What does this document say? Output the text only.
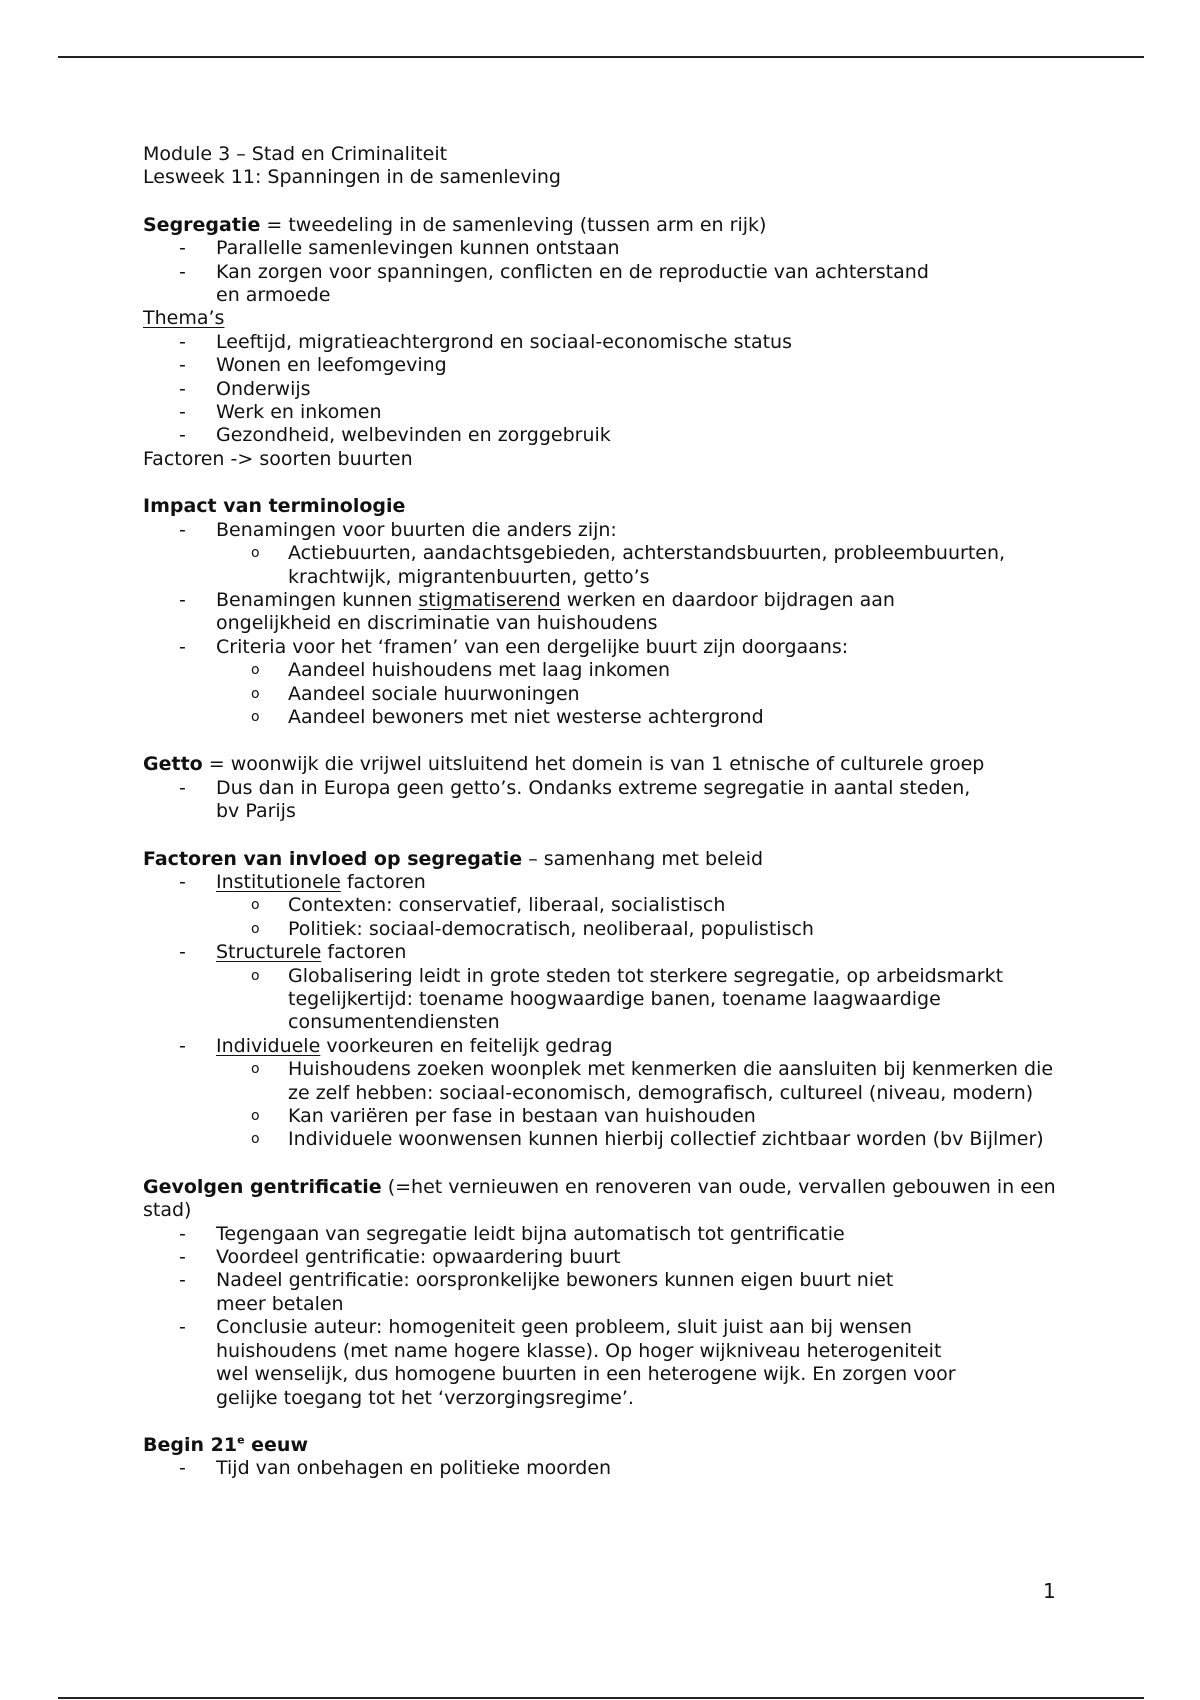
Module 3 – Stad en Criminaliteit
Lesweek 11: Spanningen in de samenleving
Segregatie = tweedeling in de samenleving (tussen arm en rijk)
- Parallelle samenlevingen kunnen ontstaan
- Kan zorgen voor spanningen, conflicten en de reproductie van achterstand en armoede
Thema’s
- Leeftijd, migratieachtergrond en sociaal-economische status
- Wonen en leefomgeving
- Onderwijs
- Werk en inkomen
- Gezondheid, welbevinden en zorggebruik
Factoren -> soorten buurten
Impact van terminologie
- Benamingen voor buurten die anders zijn:
o Actiebuurten, aandachtsgebieden, achterstandsbuurten, probleembuurten, krachtwijk, migrantenbuurten, getto’s
- Benamingen kunnen stigmatiserend werken en daardoor bijdragen aan ongelijkheid en discriminatie van huishoudens
- Criteria voor het ‘framen’ van een dergelijke buurt zijn doorgaans:
o Aandeel huishoudens met laag inkomen
o Aandeel sociale huurwoningen
o Aandeel bewoners met niet westerse achtergrond
Getto = woonwijk die vrijwel uitsluitend het domein is van 1 etnische of culturele groep
- Dus dan in Europa geen getto’s. Ondanks extreme segregatie in aantal steden, bv Parijs
Factoren van invloed op segregatie – samenhang met beleid
- Institutionele factoren
o Contexten: conservatief, liberaal, socialistisch
o Politiek: sociaal-democratisch, neoliberaal, populistisch
- Structurele factoren
o Globalisering leidt in grote steden tot sterkere segregatie, op arbeidsmarkt tegelijkertijd: toename hoogwaardige banen, toename laagwaardige consumentendiensten
- Individuele voorkeuren en feitelijk gedrag
o Huishoudens zoeken woonplek met kenmerken die aansluiten bij kenmerken die ze zelf hebben: sociaal-economisch, demografisch, cultureel (niveau, modern)
o Kan variëren per fase in bestaan van huishouden
o Individuele woonwensen kunnen hierbij collectief zichtbaar worden (bv Bijlmer)
Gevolgen gentrificatie (=het vernieuwen en renoveren van oude, vervallen gebouwen in een stad)
- Tegengaan van segregatie leidt bijna automatisch tot gentrificatie
- Voordeel gentrificatie: opwaardering buurt
- Nadeel gentrificatie: oorspronkelijke bewoners kunnen eigen buurt niet meer betalen
- Conclusie auteur: homogeniteit geen probleem, sluit juist aan bij wensen huishoudens (met name hogere klasse). Op hoger wijkniveau heterogeniteit wel wenselijk, dus homogene buurten in een heterogene wijk. En zorgen voor gelijke toegang tot het ‘verzorgingsregime’.
Begin 21e eeuw
- Tijd van onbehagen en politieke moorden
1
